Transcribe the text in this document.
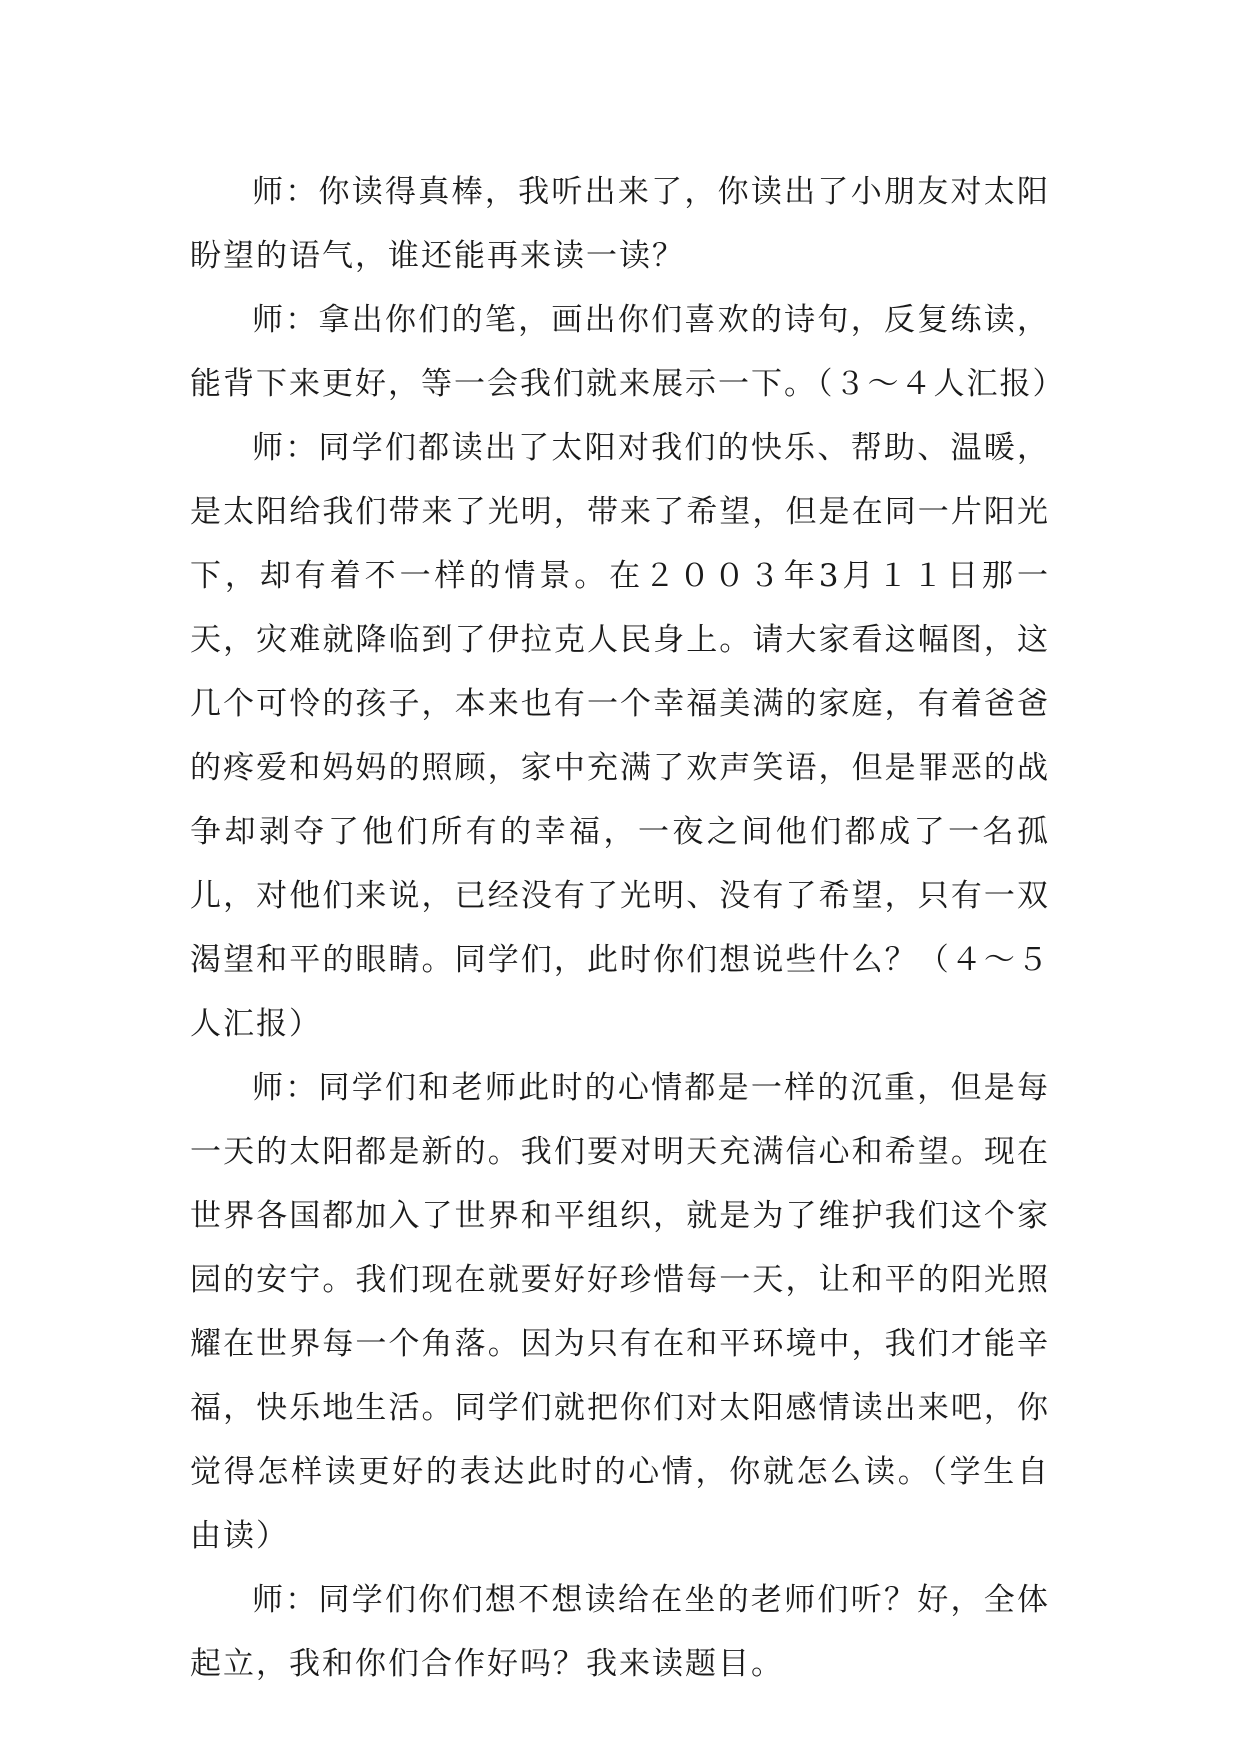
师：你读得真棒，我听出来了，你读出了小朋友对太阳盼望的语气，谁还能再来读一读？

师：拿出你们的笔，画出你们喜欢的诗句，反复练读，能背下来更好，等一会我们就来展示一下。（３～４人汇报）

师：同学们都读出了太阳对我们的快乐、帮助、温暖，是太阳给我们带来了光明，带来了希望，但是在同一片阳光下，却有着不一样的情景。在２００３年3月１１日那一天，灾难就降临到了伊拉克人民身上。请大家看这幅图，这几个可怜的孩子，本来也有一个幸福美满的家庭，有着爸爸的疼爱和妈妈的照顾，家中充满了欢声笑语，但是罪恶的战争却剥夺了他们所有的幸福，一夜之间他们都成了一名孤儿，对他们来说，已经没有了光明、没有了希望，只有一双渴望和平的眼睛。同学们，此时你们想说些什么？（４～５人汇报）

师：同学们和老师此时的心情都是一样的沉重，但是每一天的太阳都是新的。我们要对明天充满信心和希望。现在世界各国都加入了世界和平组织，就是为了维护我们这个家园的安宁。我们现在就要好好珍惜每一天，让和平的阳光照耀在世界每一个角落。因为只有在和平环境中，我们才能辛福，快乐地生活。同学们就把你们对太阳感情读出来吧，你觉得怎样读更好的表达此时的心情，你就怎么读。（学生自由读）

师：同学们你们想不想读给在坐的老师们听？好，全体起立，我和你们合作好吗？我来读题目。
